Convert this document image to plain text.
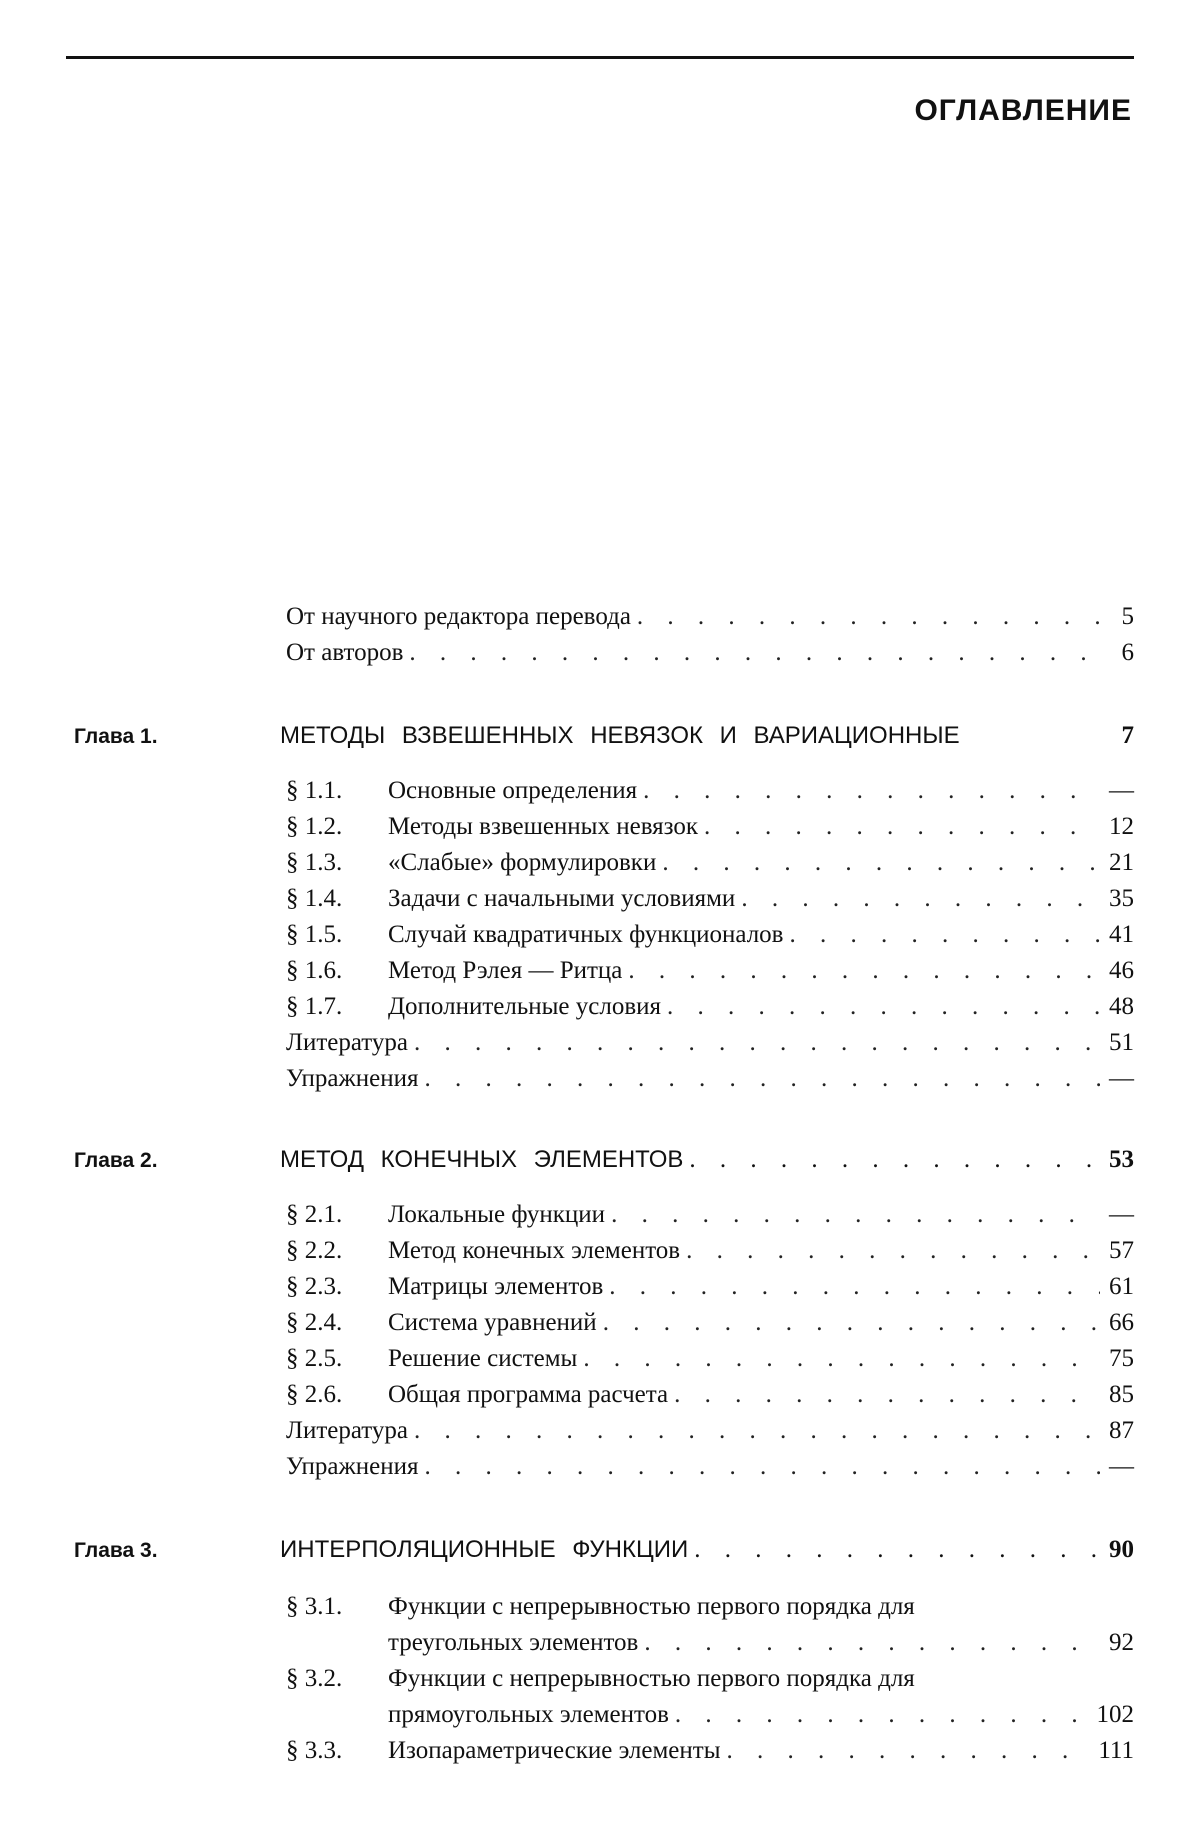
ОГЛАВЛЕНИЕ
От научного редактора перевода . . .	5
От авторов . . .	6
Глава 1.	МЕТОДЫ ВЗВЕШЕННЫХ НЕВЯЗОК И ВАРИАЦИОННЫЕ	7
§ 1.1. Основные определения . . .	—
§ 1.2. Методы взвешенных невязок . . .	12
§ 1.3. «Слабые» формулировки . . .	21
§ 1.4. Задачи с начальными условиями . . .	35
§ 1.5. Случай квадратичных функционалов . . .	41
§ 1.6. Метод Рэлея — Ритца . . .	46
§ 1.7. Дополнительные условия . . .	48
Литература . . .	51
Упражнения . . .	—
Глава 2.	МЕТОД КОНЕЧНЫХ ЭЛЕМЕНТОВ . . .	53
§ 2.1. Локальные функции . . .	—
§ 2.2. Метод конечных элементов . . .	57
§ 2.3. Матрицы элементов . . .	61
§ 2.4. Система уравнений . . .	66
§ 2.5. Решение системы . . .	75
§ 2.6. Общая программа расчета . . .	85
Литература . . .	87
Упражнения . . .	—
Глава 3.	ИНТЕРПОЛЯЦИОННЫЕ ФУНКЦИИ . . .	90
§ 3.1. Функции с непрерывностью первого порядка для
треугольных элементов . . .	92
§ 3.2. Функции с непрерывностью первого порядка для
прямоугольных элементов . . .	102
§ 3.3. Изопараметрические элементы . . .	111
